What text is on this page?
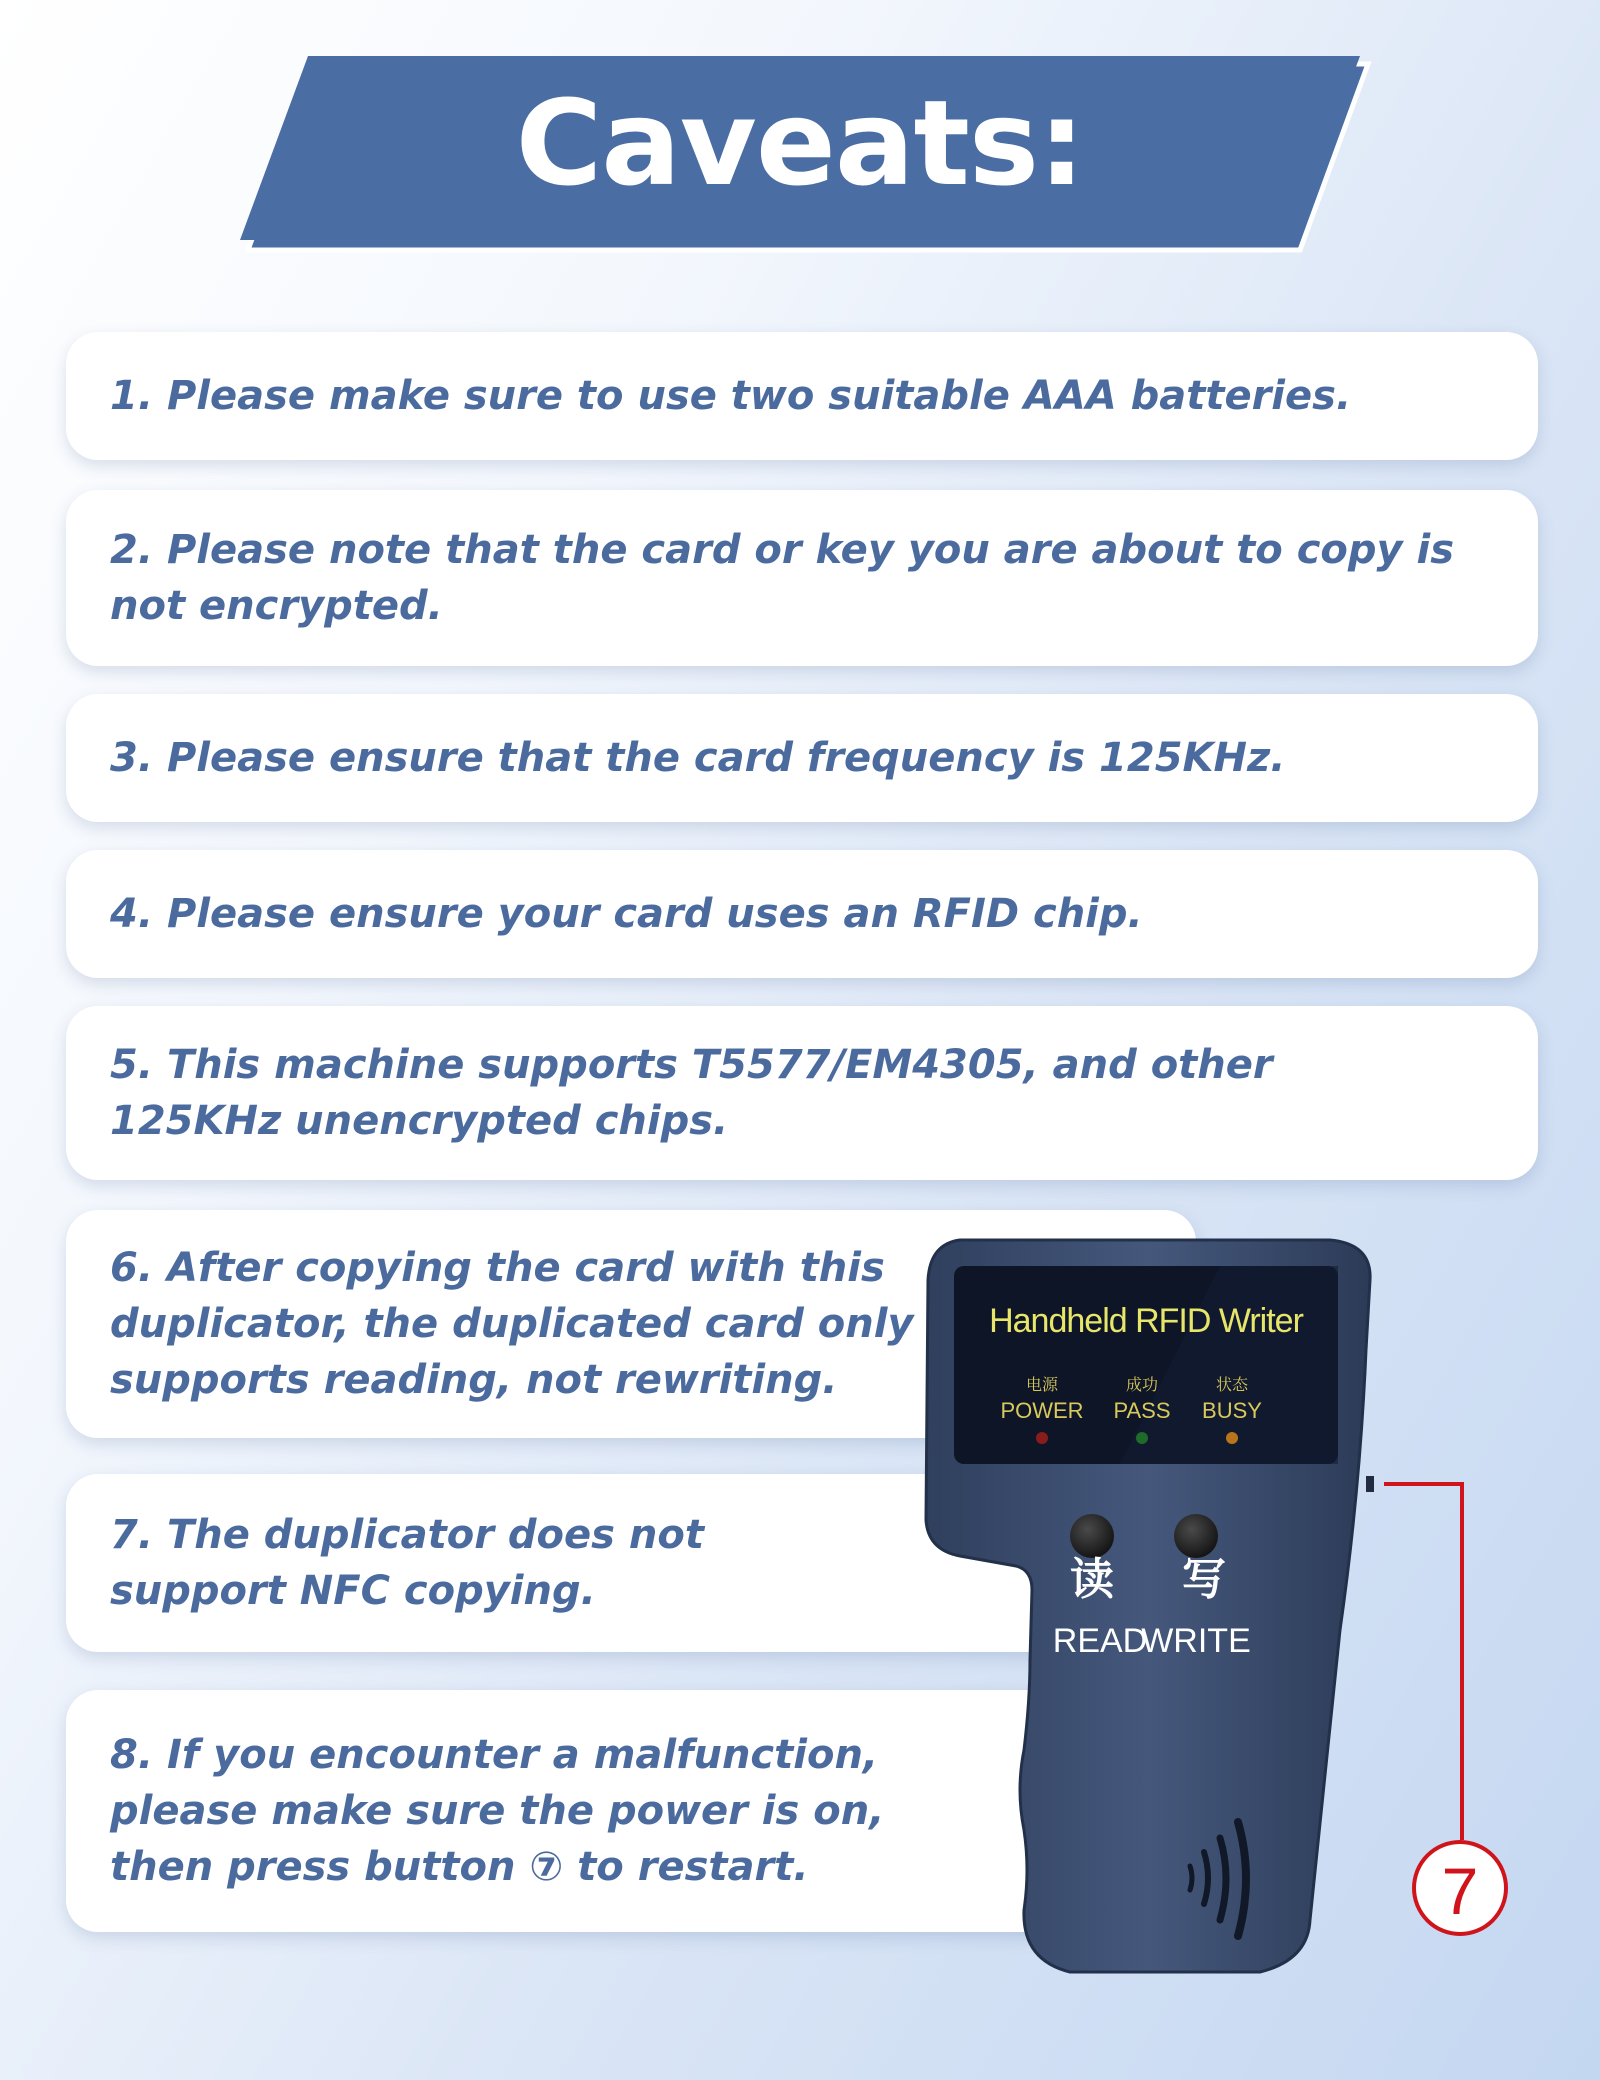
Caveats:
1. Please make sure to use two suitable AAA batteries.
2. Please note that the card or key you are about to copy is not encrypted.
3. Please ensure that the card frequency is 125KHz.
4. Please ensure your card uses an RFID chip.
5. This machine supports T5577/EM4305, and other 125KHz unencrypted chips.
6. After copying the card with this duplicator, the duplicated card only supports reading, not rewriting.
7. The duplicator does not support NFC copying.
8. If you encounter a malfunction, please make sure the power is on, then press button ⑦ to restart.
Handheld RFID Writer
电源
POWER
成功
PASS
状态
BUSY
读 写
READ
WRITE
7
